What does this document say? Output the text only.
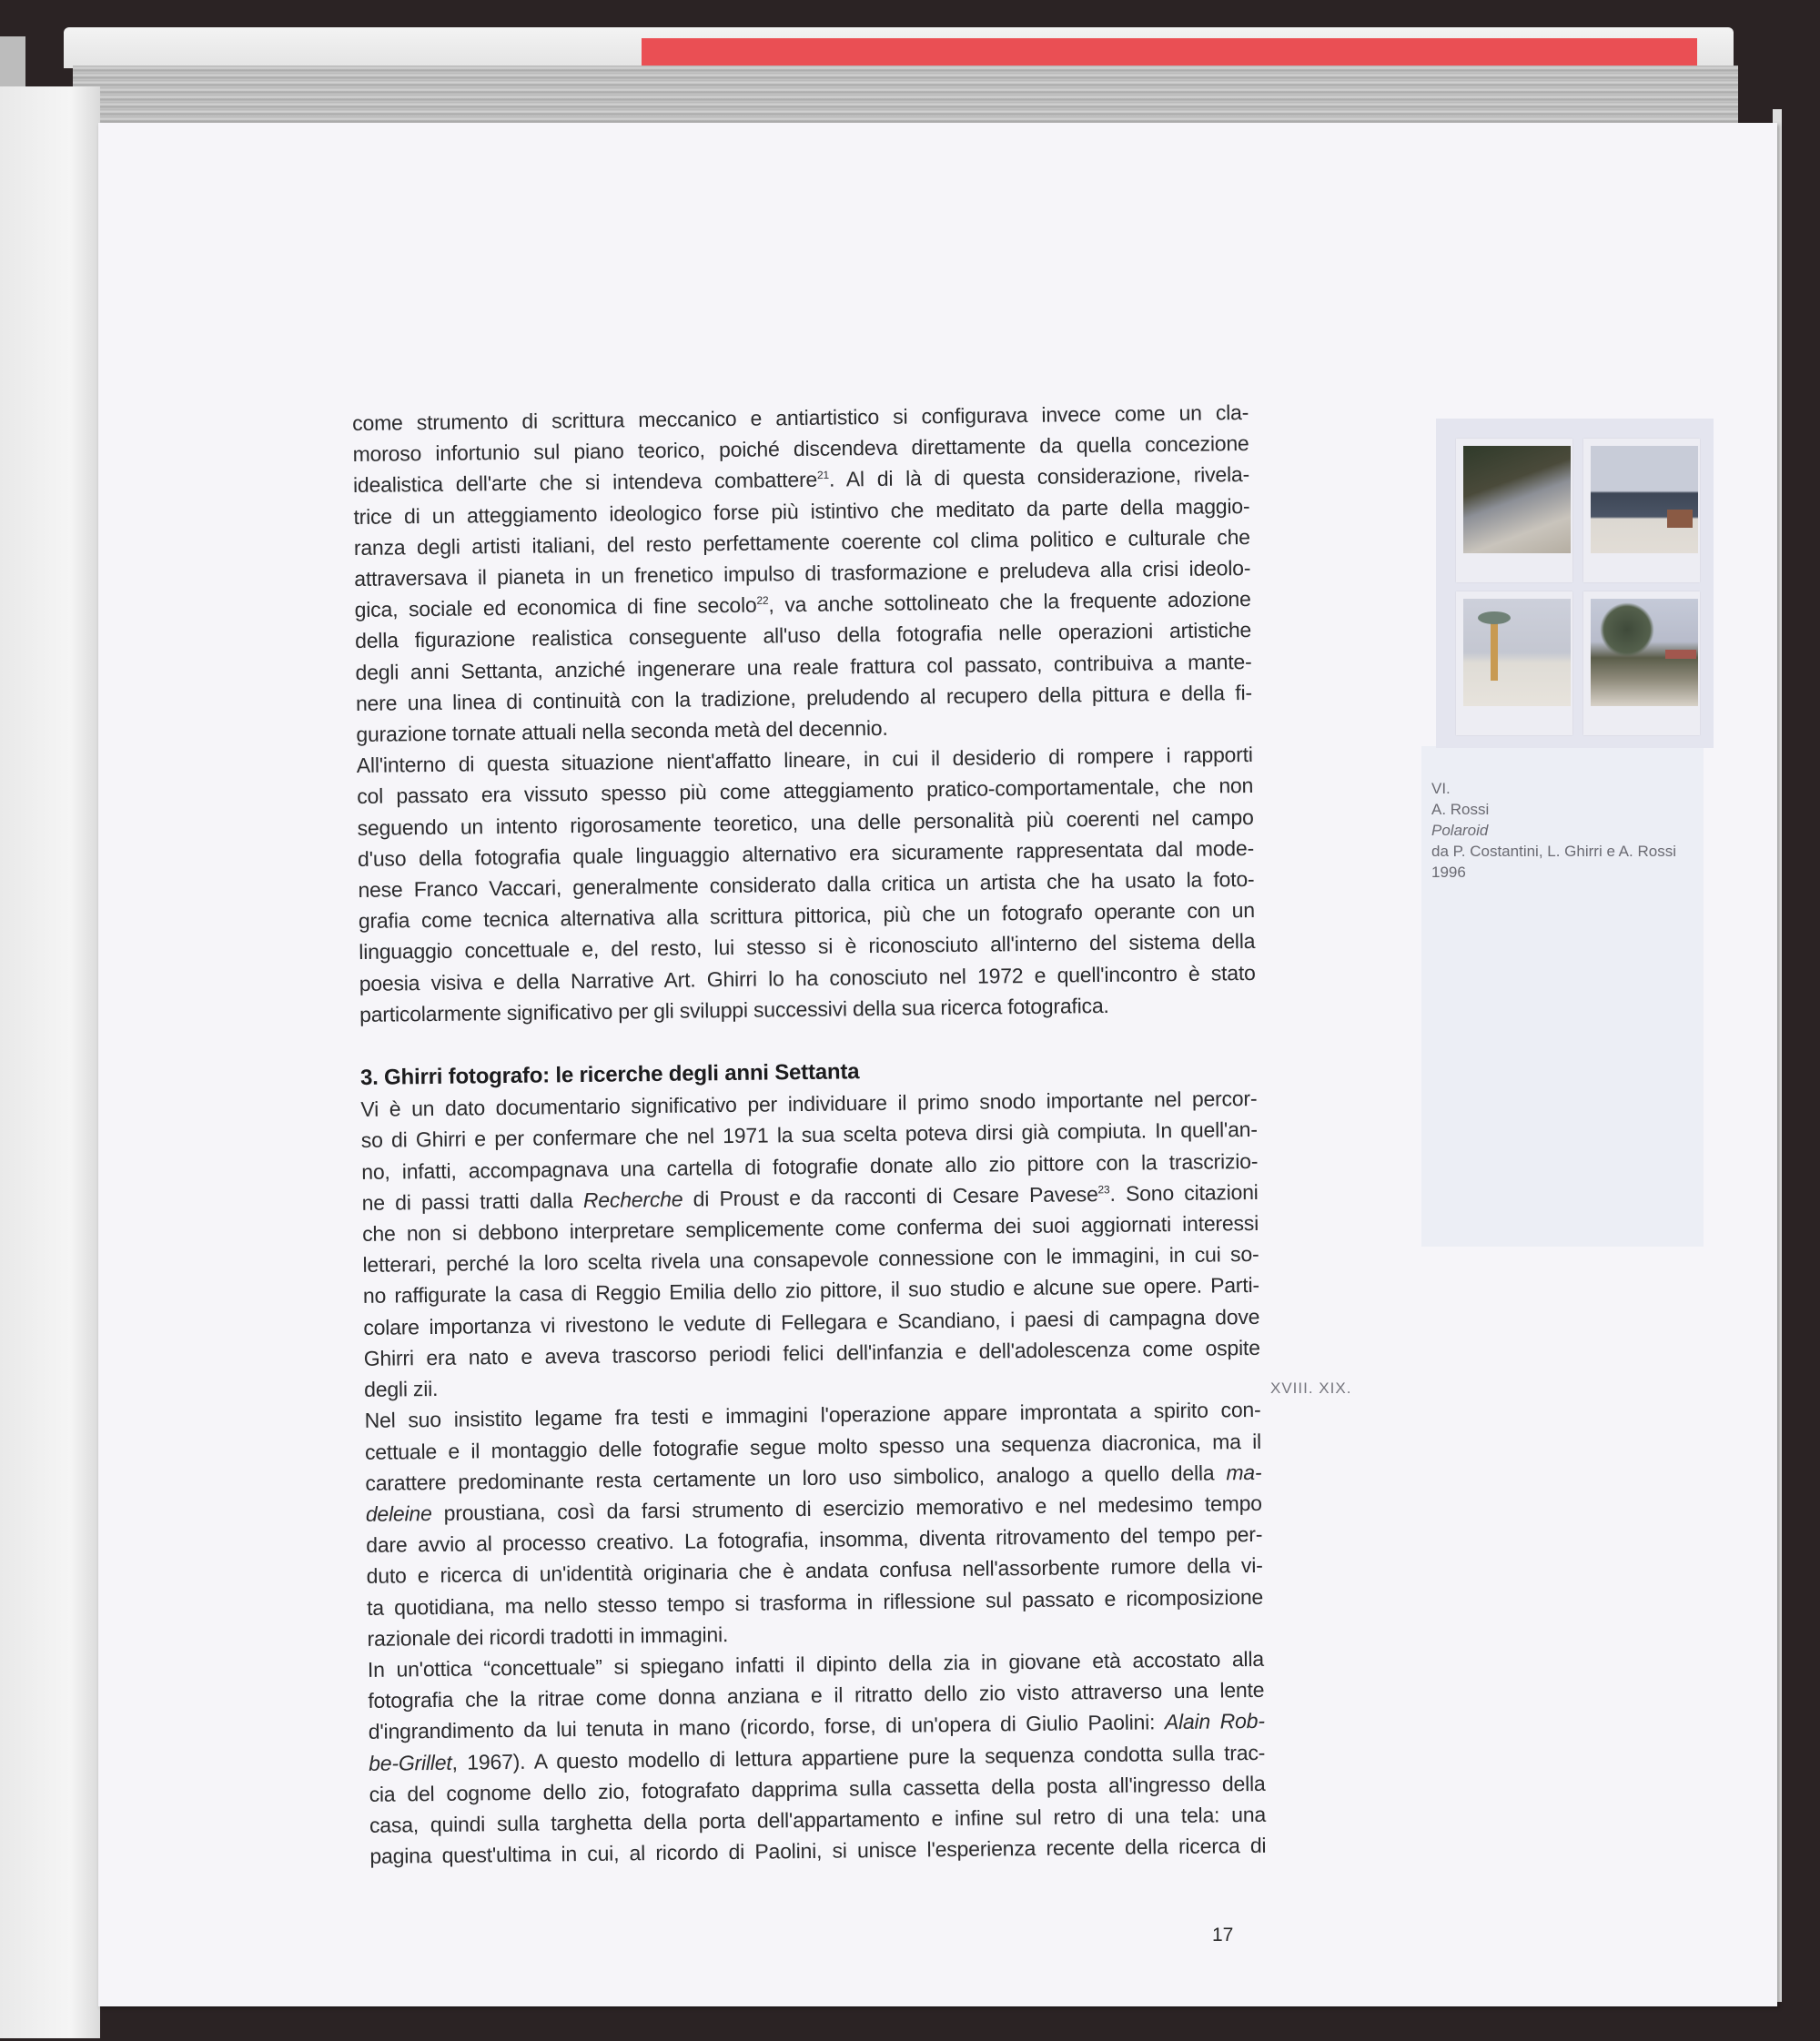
come strumento di scrittura meccanico e antiartistico si configurava invece come un cla-
moroso infortunio sul piano teorico, poiché discendeva direttamente da quella concezione
idealistica dell'arte che si intendeva combattere$^{21}$. Al di là di questa considerazione, rivela-
trice di un atteggiamento ideologico forse più istintivo che meditato da parte della maggio-
ranza degli artisti italiani, del resto perfettamente coerente col clima politico e culturale che
attraversava il pianeta in un frenetico impulso di trasformazione e preludeva alla crisi ideolo-
gica, sociale ed economica di fine secolo$^{22}$, va anche sottolineato che la frequente adozione
della figurazione realistica conseguente all'uso della fotografia nelle operazioni artistiche
degli anni Settanta, anziché ingenerare una reale frattura col passato, contribuiva a mante-
nere una linea di continuità con la tradizione, preludendo al recupero della pittura e della fi-
gurazione tornate attuali nella seconda metà del decennio.

All'interno di questa situazione nient'affatto lineare, in cui il desiderio di rompere i rapporti
col passato era vissuto spesso più come atteggiamento pratico-comportamentale, che non
seguendo un intento rigorosamente teoretico, una delle personalità più coerenti nel campo
d'uso della fotografia quale linguaggio alternativo era sicuramente rappresentata dal mode-
nese Franco Vaccari, generalmente considerato dalla critica un artista che ha usato la foto-
grafia come tecnica alternativa alla scrittura pittorica, più che un fotografo operante con un
linguaggio concettuale e, del resto, lui stesso si è riconosciuto all'interno del sistema della
poesia visiva e della Narrative Art. Ghirri lo ha conosciuto nel 1972 e quell'incontro è stato
particolarmente significativo per gli sviluppi successivi della sua ricerca fotografica.

3. Ghirri fotografo: le ricerche degli anni Settanta

Vi è un dato documentario significativo per individuare il primo snodo importante nel percor-
so di Ghirri e per confermare che nel 1971 la sua scelta poteva dirsi già compiuta. In quell'an-
no, infatti, accompagnava una cartella di fotografie donate allo zio pittore con la trascrizio-
ne di passi tratti dalla Recherche di Proust e da racconti di Cesare Pavese$^{23}$. Sono citazioni
che non si debbono interpretare semplicemente come conferma dei suoi aggiornati interessi
letterari, perché la loro scelta rivela una consapevole connessione con le immagini, in cui so-
no raffigurate la casa di Reggio Emilia dello zio pittore, il suo studio e alcune sue opere. Parti-
colare importanza vi rivestono le vedute di Fellegara e Scandiano, i paesi di campagna dove
Ghirri era nato e aveva trascorso periodi felici dell'infanzia e dell'adolescenza come ospite
degli zii.

Nel suo insistito legame fra testi e immagini l'operazione appare improntata a spirito con-
cettuale e il montaggio delle fotografie segue molto spesso una sequenza diacronica, ma il
carattere predominante resta certamente un loro uso simbolico, analogo a quello della ma-
deleine proustiana, così da farsi strumento di esercizio memorativo e nel medesimo tempo
dare avvio al processo creativo. La fotografia, insomma, diventa ritrovamento del tempo per-
duto e ricerca di un'identità originaria che è andata confusa nell'assorbente rumore della vi-
ta quotidiana, ma nello stesso tempo si trasforma in riflessione sul passato e ricomposizione
razionale dei ricordi tradotti in immagini.

In un'ottica “concettuale” si spiegano infatti il dipinto della zia in giovane età accostato alla
fotografia che la ritrae come donna anziana e il ritratto dello zio visto attraverso una lente
d'ingrandimento da lui tenuta in mano (ricordo, forse, di un'opera di Giulio Paolini: Alain Rob-
be-Grillet, 1967). A questo modello di lettura appartiene pure la sequenza condotta sulla trac-
cia del cognome dello zio, fotografato dapprima sulla cassetta della posta all'ingresso della
casa, quindi sulla targhetta della porta dell'appartamento e infine sul retro di una tela: una
pagina quest'ultima in cui, al ricordo di Paolini, si unisce l'esperienza recente della ricerca di

VI.
A. Rossi
Polaroid
da P. Costantini, L. Ghirri e A. Rossi
1996
XVIII. XIX.
17
